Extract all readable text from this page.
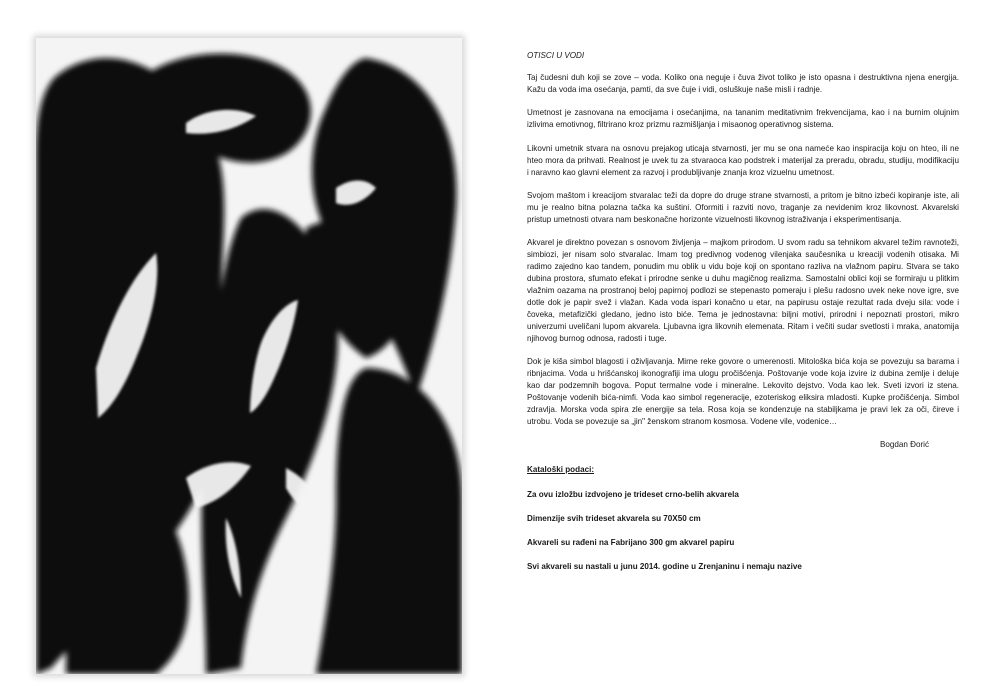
OTISCI U VODI

Taj čudesni duh koji se zove – voda. Koliko ona neguje i čuva život toliko je isto opasna i destruktivna njena energija. Kažu da voda ima osećanja, pamti, da sve čuje i vidi, osluškuje naše misli i radnje.

Umetnost je zasnovana na emocijama i osećanjima, na tananim meditativnim frekvencijama, kao i na burnim olujnim izlivima emotivnog, filtrirano kroz prizmu razmišljanja i misaonog operativnog sistema.

Likovni umetnik stvara na osnovu prejakog uticaja stvarnosti, jer mu se ona nameće kao inspiracija koju on hteo, ili ne hteo mora da prihvati. Realnost je uvek tu za stvaraoca kao podstrek i materijal za preradu, obradu, studiju, modifikaciju i naravno kao glavni element za razvoj i produbljivanje znanja kroz vizuelnu umetnost.

Svojom maštom i kreacijom stvaralac teži da dopre do druge strane stvarnosti, a pritom je bitno izbeći kopiranje iste, ali mu je realno bitna polazna tačka ka suštini. Oformiti i razviti novo, traganje za nevidenim kroz likovnost. Akvarelski pristup umetnosti otvara nam beskonačne horizonte vizuelnosti likovnog istraživanja i eksperimentisanja.

Akvarel je direktno povezan s osnovom življenja – majkom prirodom. U svom radu sa tehnikom akvarel težim ravnoteži, simbiozi, jer nisam solo stvaralac. Imam tog predivnog vodenog vilenjaka saučesnika u kreaciji vodenih otisaka. Mi radimo zajedno kao tandem, ponudim mu oblik u vidu boje koji on spontano razliva na vlažnom papiru. Stvara se tako dubina prostora, sfumato efekat i prirodne senke u duhu magičnog realizma. Samostalni oblici koji se formiraju u plitkim vlažnim oazama na prostranoj beloj papirnoj podlozi se stepenasto pomeraju i plešu radosno uvek neke nove igre, sve dotle dok je papir svež i vlažan. Kada voda ispari konačno u etar, na papirusu ostaje rezultat rada dveju sila: vode i čoveka, metafizički gledano, jedno isto biće. Tema je jednostavna: biljni motivi, prirodni i nepoznati prostori, mikro univerzumi uveličani lupom akvarela. Ljubavna igra likovnih elemenata. Ritam i večiti sudar svetlosti i mraka, anatomija njihovog burnog odnosa, radosti i tuge.

Dok je kiša simbol blagosti i oživljavanja. Mirne reke govore o umerenosti. Mitološka bića koja se povezuju sa barama i ribnjacima. Voda u hrišćanskoj ikonografiji ima ulogu pročišćenja. Poštovanje vode koja izvire iz dubina zemlje i deluje kao dar podzemnih bogova. Poput termalne vode i mineralne. Lekovito dejstvo. Voda kao lek. Sveti izvori iz stena. Poštovanje vodenih bića-nimfi. Voda kao simbol regeneracije, ezoteriskog eliksira mladosti. Kupke pročišćenja. Simbol zdravlja. Morska voda spira zle energije sa tela. Rosa koja se kondenzuje na stabiljkama je pravi lek za oči, čireve i utrobu. Voda se povezuje sa „jin" ženskom stranom kosmosa. Vodene vile, vodenice…

Bogdan Đorić
Kataloški podaci:
Za ovu izložbu izdvojeno je trideset crno-belih akvarela
Dimenzije svih trideset akvarela su 70X50 cm
Akvareli su rađeni na Fabrijano 300 gm akvarel papiru
Svi akvareli su nastali u junu 2014. godine u Zrenjaninu i nemaju nazive
